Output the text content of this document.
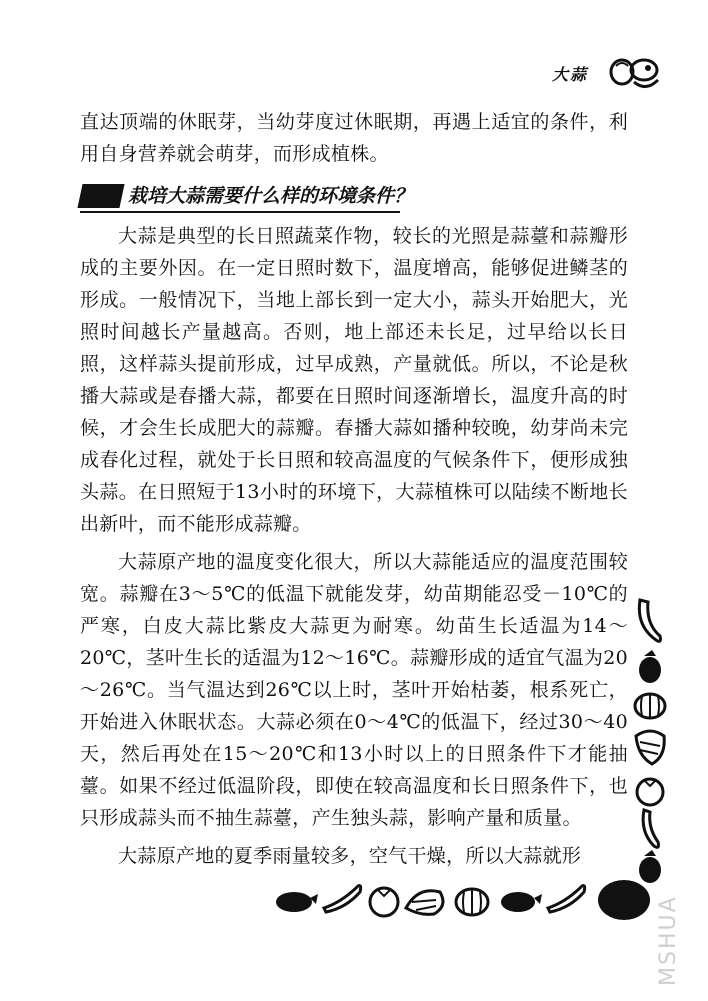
大蒜

直达顶端的休眠芽，当幼芽度过休眠期，再遇上适宜的条件，利用自身营养就会萌芽，而形成植株。

栽培大蒜需要什么样的环境条件？

大蒜是典型的长日照蔬菜作物，较长的光照是蒜薹和蒜瓣形成的主要外因。在一定日照时数下，温度增高，能够促进鳞茎的形成。一般情况下，当地上部长到一定大小，蒜头开始肥大，光照时间越长产量越高。否则，地上部还未长足，过早给以长日照，这样蒜头提前形成，过早成熟，产量就低。所以，不论是秋播大蒜或是春播大蒜，都要在日照时间逐渐增长，温度升高的时候，才会生长成肥大的蒜瓣。春播大蒜如播种较晚，幼芽尚未完成春化过程，就处于长日照和较高温度的气候条件下，便形成独头蒜。在日照短于13小时的环境下，大蒜植株可以陆续不断地长出新叶，而不能形成蒜瓣。

大蒜原产地的温度变化很大，所以大蒜能适应的温度范围较宽。蒜瓣在3～5℃的低温下就能发芽，幼苗期能忍受－10℃的严寒，白皮大蒜比紫皮大蒜更为耐寒。幼苗生长适温为14～20℃，茎叶生长的适温为12～16℃。蒜瓣形成的适宜气温为20～26℃。当气温达到26℃以上时，茎叶开始枯萎，根系死亡，开始进入休眠状态。大蒜必须在0～4℃的低温下，经过30～40天，然后再处在15～20℃和13小时以上的日照条件下才能抽薹。如果不经过低温阶段，即使在较高温度和长日照条件下，也只形成蒜头而不抽生蒜薹，产生独头蒜，影响产量和质量。

大蒜原产地的夏季雨量较多，空气干燥，所以大蒜就形

MSHUA
